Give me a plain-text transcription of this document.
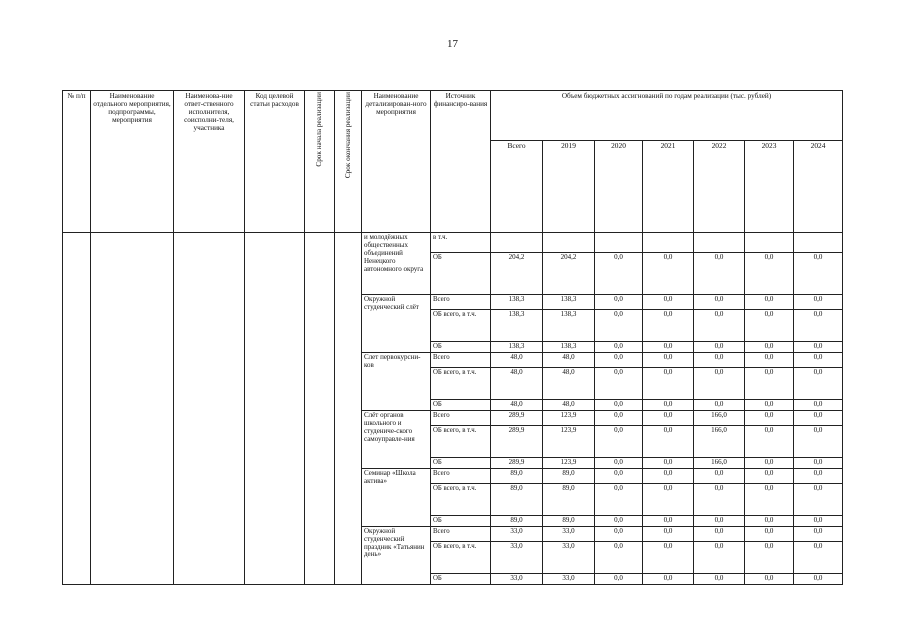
17
№ п/п	Наименование отдельного мероприятия, подпрограммы, мероприятия	Наименова-ние ответ-ственного исполнителя, соисполни-теля, участника	Код целевой статьи расходов	Срок начала реализации	Срок окончания реализации	Наименование детализирован-ного мероприятия	Источник финансиро-вания	Объем бюджетных ассигнований по годам реализации (тыс. рублей)						
								Всего	2019	2020	2021	2022	2023	2024
						и молодёжных общественных объединений Ненецкого автономного округа	в т.ч.							
							ОБ	204,2	204,2	0,0	0,0	0,0	0,0	0,0
						Окружной студенческий слёт	Всего	138,3	138,3	0,0	0,0	0,0	0,0	0,0
							ОБ всего, в т.ч.	138,3	138,3	0,0	0,0	0,0	0,0	0,0
							ОБ	138,3	138,3	0,0	0,0	0,0	0,0	0,0
						Слет первокурсни-ков	Всего	48,0	48,0	0,0	0,0	0,0	0,0	0,0
							ОБ всего, в т.ч.	48,0	48,0	0,0	0,0	0,0	0,0	0,0
							ОБ	48,0	48,0	0,0	0,0	0,0	0,0	0,0
						Слёт органов школьного и студениче-ского самоуправле-ния	Всего	289,9	123,9	0,0	0,0	166,0	0,0	0,0
							ОБ всего, в т.ч.	289,9	123,9	0,0	0,0	166,0	0,0	0,0
							ОБ	289,9	123,9	0,0	0,0	166,0	0,0	0,0
						Семинар «Школа актива»	Всего	89,0	89,0	0,0	0,0	0,0	0,0	0,0
							ОБ всего, в т.ч.	89,0	89,0	0,0	0,0	0,0	0,0	0,0
							ОБ	89,0	89,0	0,0	0,0	0,0	0,0	0,0
						Окружной студенческий праздник «Татьянин день»	Всего	33,0	33,0	0,0	0,0	0,0	0,0	0,0
							ОБ всего, в т.ч.	33,0	33,0	0,0	0,0	0,0	0,0	0,0
							ОБ	33,0	33,0	0,0	0,0	0,0	0,0	0,0
